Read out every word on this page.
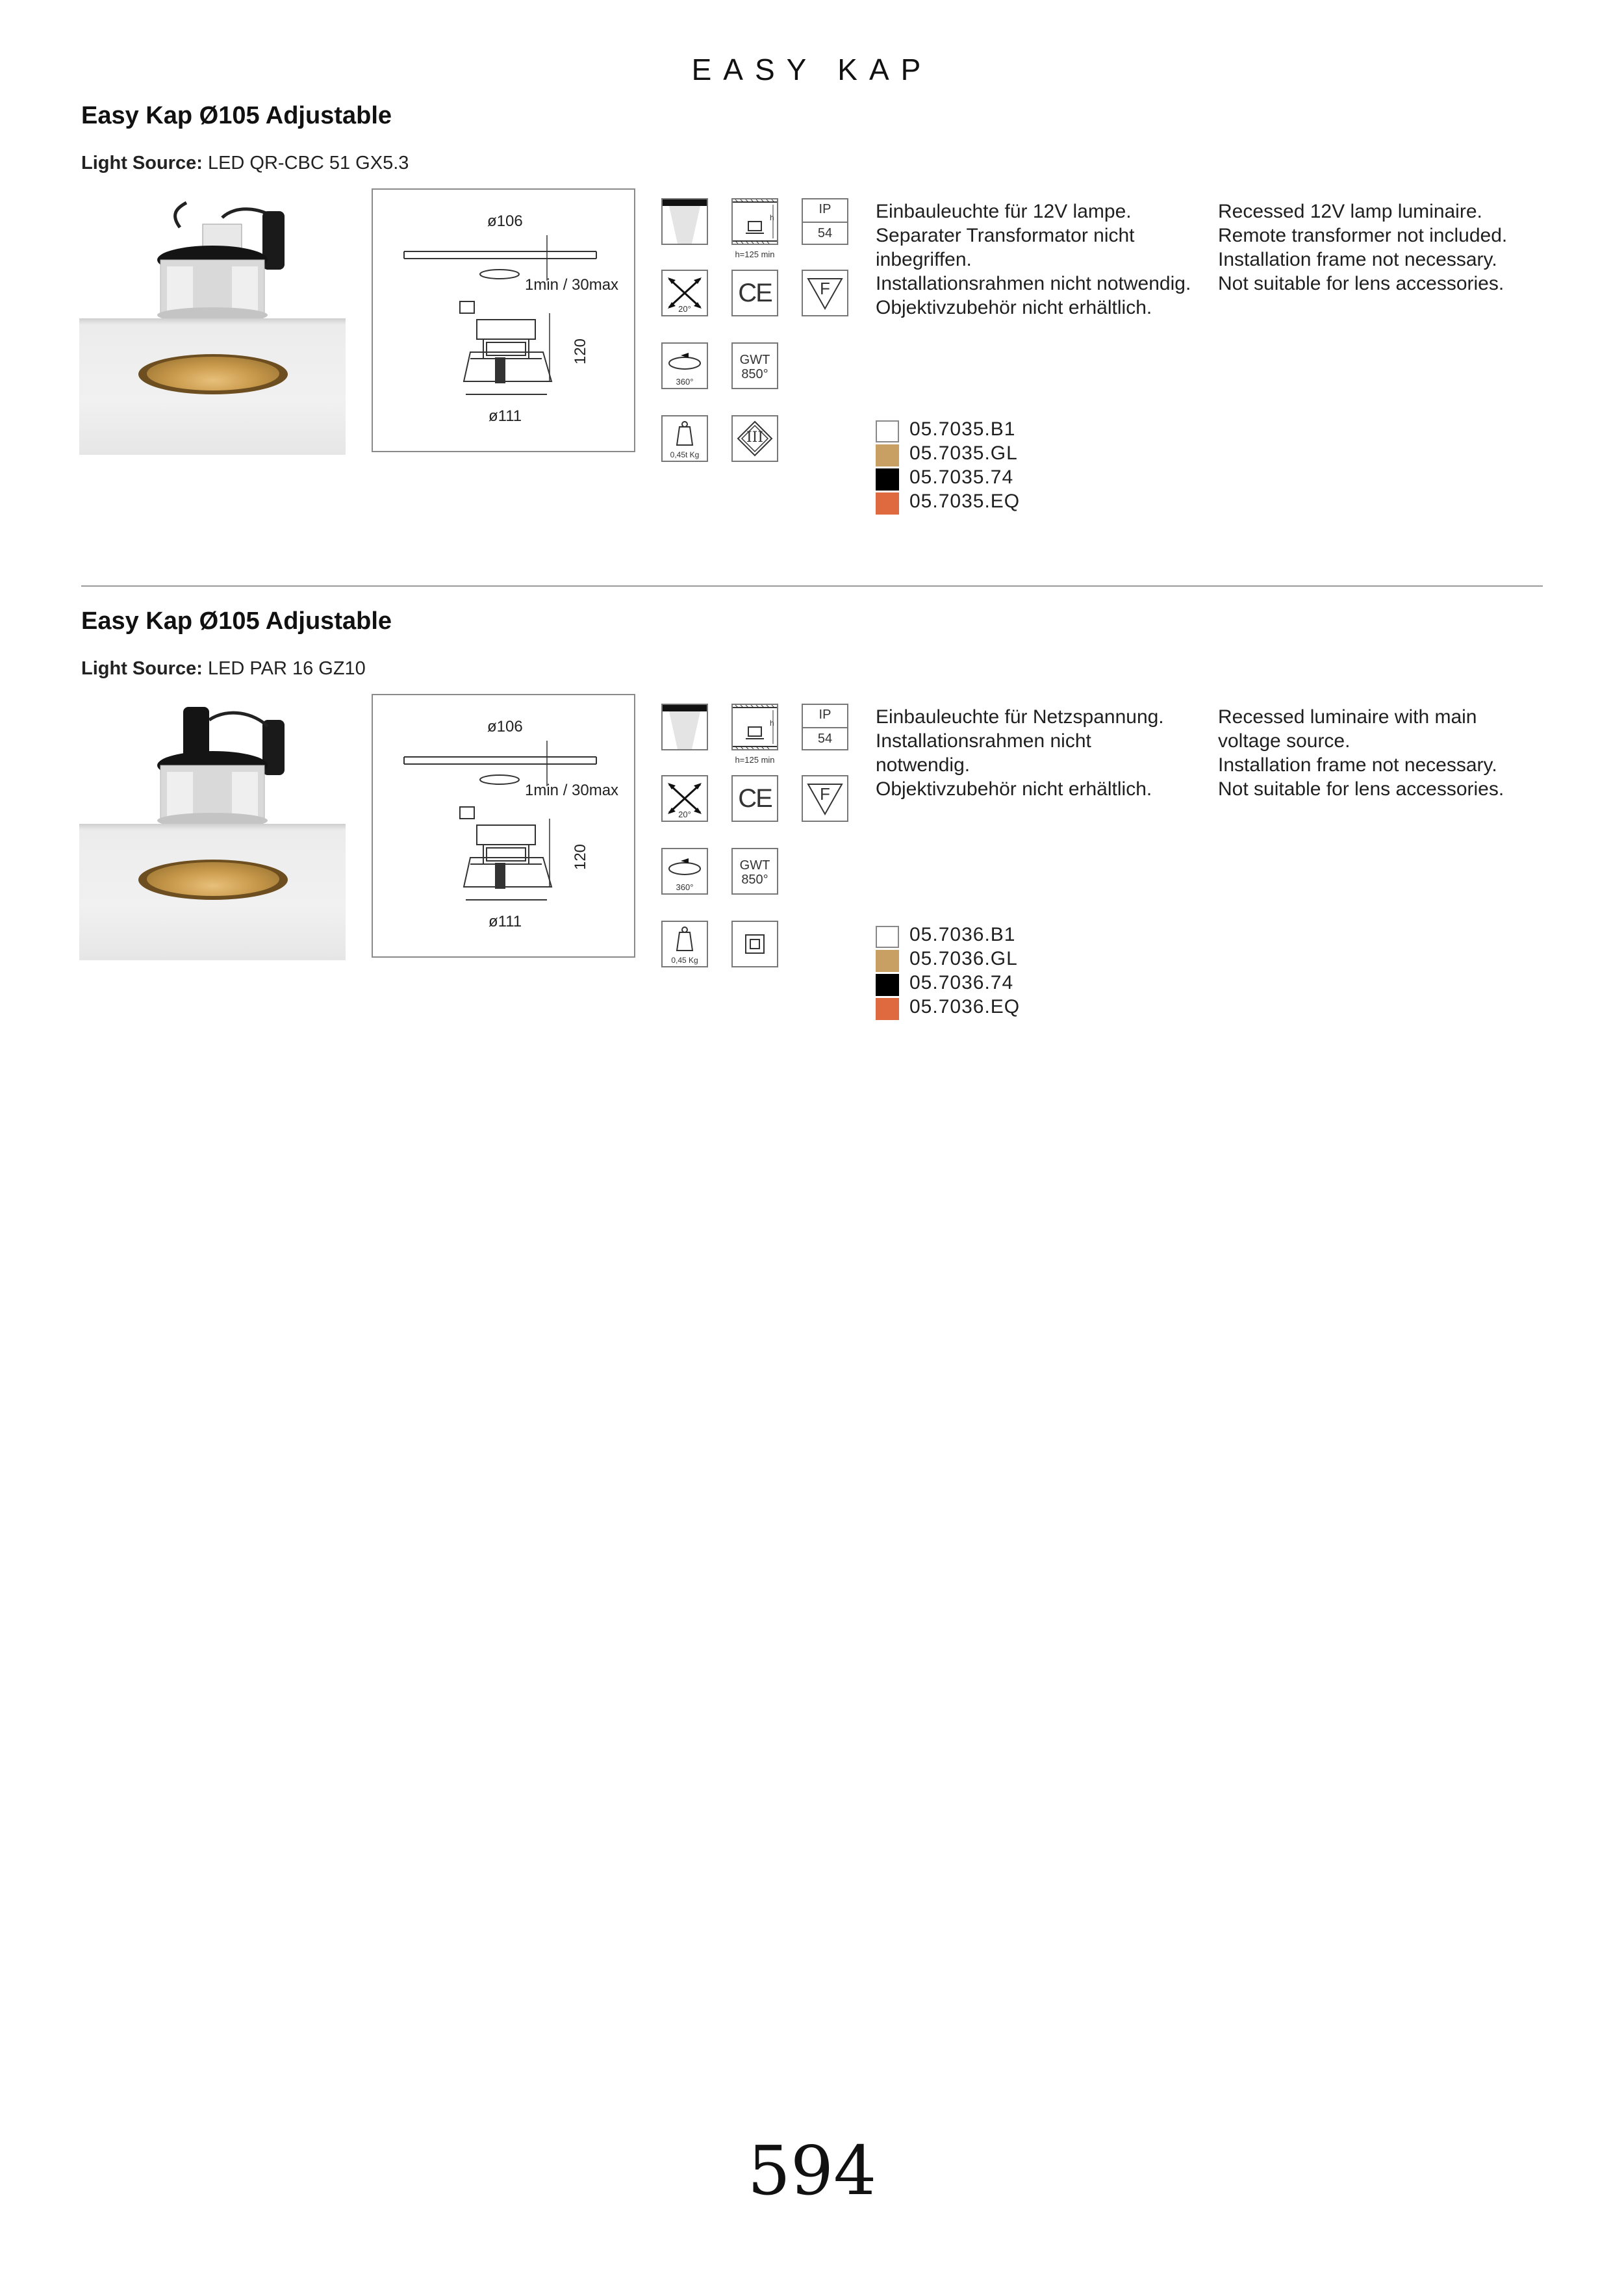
EASY KAP
Easy Kap Ø105 Adjustable
Light Source: LED QR-CBC 51 GX5.3
ø106
1min / 30max
120
ø111
20°
360°
0,45t Kg
h
h=125 min
CE
GWT
850°
III
IP
54
F
Einbauleuchte für 12V lampe.
Separater Transformator nicht
inbegriffen.
Installationsrahmen nicht notwendig.
Objektivzubehör nicht erhältlich.
Recessed 12V lamp luminaire.
Remote transformer not included.
Installation frame not necessary.
Not suitable for lens accessories.
05.7035.B1
05.7035.GL
05.7035.74
05.7035.EQ
Easy Kap Ø105 Adjustable
Light Source: LED PAR 16 GZ10
ø106
1min / 30max
120
ø111
20°
360°
0,45 Kg
h
h=125 min
CE
GWT
850°
IP
54
F
Einbauleuchte für Netzspannung.
Installationsrahmen nicht
notwendig.
Objektivzubehör nicht erhältlich.
Recessed luminaire with main
voltage source.
Installation frame not necessary.
Not suitable for lens accessories.
05.7036.B1
05.7036.GL
05.7036.74
05.7036.EQ
594
